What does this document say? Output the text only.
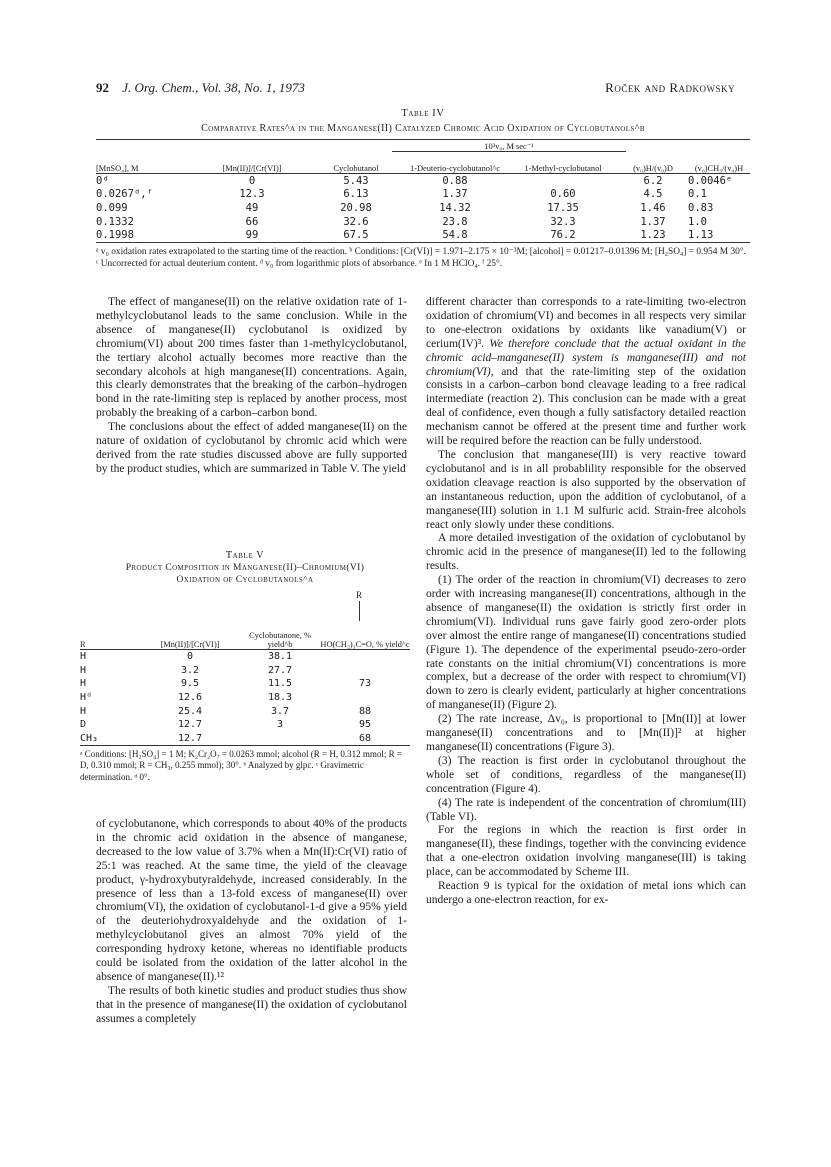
92 J. Org. Chem., Vol. 38, No. 1, 1973	Roček and Radkowsky
Table IV
Comparative Rates^a in the Manganese(II) Catalyzed Chromic Acid Oxidation of Cyclobutanols^b
10³v₀, M sec⁻¹
[MnSO₄], M	[Mn(II)]/[Cr(VI)]	Cyclobutanol	1-Deuterio-cyclobutanol^c	1-Methyl-cyclobutanol	(v₀)H/(v₀)D	(v₀)CH₃/(v₀)H
0ᵈ	0	5.43	0.88		6.2	0.0046ᵉ
0.0267ᵈ,ᶠ	12.3	6.13	1.37	0.60	4.5	0.1
0.099	49	20.98	14.32	17.35	1.46	0.83
0.1332	66	32.6	23.8	32.3	1.37	1.0
0.1998	99	67.5	54.8	76.2	1.23	1.13
ᵃ v₀ oxidation rates extrapolated to the starting time of the reaction. ᵇ Conditions: [Cr(VI)] = 1.971–2.175 × 10⁻³M; [alcohol] = 0.01217–0.01396 M; [H₂SO₄] = 0.954 M 30°. ᶜ Uncorrected for actual deuterium content. ᵈ v₀ from logarithmic plots of absorbance. ᵉ In 1 M HClO₄. ᶠ 25°.

The effect of manganese(II) on the relative oxidation rate of 1-methylcyclobutanol leads to the same conclusion. While in the absence of manganese(II) cyclobutanol is oxidized by chromium(VI) about 200 times faster than 1-methylcyclobutanol, the tertiary alcohol actually becomes more reactive than the secondary alcohols at high manganese(II) concentrations. Again, this clearly demonstrates that the breaking of the carbon–hydrogen bond in the rate-limiting step is replaced by another process, most probably the breaking of a carbon–carbon bond.

The conclusions about the effect of added manganese(II) on the nature of oxidation of cyclobutanol by chromic acid which were derived from the rate studies discussed above are fully supported by the product studies, which are summarized in Table V. The yield

Table V
Product Composition in Manganese(II)–Chromium(VI)
Oxidation of Cyclobutanols^a
R
R	[Mn(II)]/[Cr(VI)]	Cyclobutanone, % yield^b	HO(CH₂)₃C=O, % yield^c
H	0	38.1	
H	3.2	27.7	
H	9.5	11.5	73
Hᵈ	12.6	18.3	
H	25.4	3.7	88
D	12.7	3	95
CH₃	12.7		68
ᵃ Conditions: [H₂SO₄] = 1 M; K₂Cr₂O₇ = 0.0263 mmol; alcohol (R = H, 0.312 mmol; R = D, 0.310 mmol; R = CH₃, 0.255 mmol); 30°. ᵇ Analyzed by glpc. ᶜ Gravimetric determination. ᵈ 0°.

of cyclobutanone, which corresponds to about 40% of the products in the chromic acid oxidation in the absence of manganese, decreased to the low value of 3.7% when a Mn(II):Cr(VI) ratio of 25:1 was reached. At the same time, the yield of the cleavage product, γ-hydroxybutyraldehyde, increased considerably. In the presence of less than a 13-fold excess of manganese(II) over chromium(VI), the oxidation of cyclobutanol-1-d give a 95% yield of the deuteriohydroxyaldehyde and the oxidation of 1-methylcyclobutanol gives an almost 70% yield of the corresponding hydroxy ketone, whereas no identifiable products could be isolated from the oxidation of the latter alcohol in the absence of manganese(II).¹²

The results of both kinetic studies and product studies thus show that in the presence of manganese(II) the oxidation of cyclobutanol assumes a completely

different character than corresponds to a rate-limiting two-electron oxidation of chromium(VI) and becomes in all respects very similar to one-electron oxidations by oxidants like vanadium(V) or cerium(IV)³. We therefore conclude that the actual oxidant in the chromic acid–manganese(II) system is manganese(III) and not chromium(VI), and that the rate-limiting step of the oxidation consists in a carbon–carbon bond cleavage leading to a free radical intermediate (reaction 2). This conclusion can be made with a great deal of confidence, even though a fully satisfactory detailed reaction mechanism cannot be offered at the present time and further work will be required before the reaction can be fully understood.

The conclusion that manganese(III) is very reactive toward cyclobutanol and is in all probablility responsible for the observed oxidation cleavage reaction is also supported by the observation of an instantaneous reduction, upon the addition of cyclobutanol, of a manganese(III) solution in 1.1 M sulfuric acid. Strain-free alcohols react only slowly under these conditions.

A more detailed investigation of the oxidation of cyclobutanol by chromic acid in the presence of manganese(II) led to the following results.

(1) The order of the reaction in chromium(VI) decreases to zero order with increasing manganese(II) concentrations, although in the absence of manganese(II) the oxidation is strictly first order in chromium(VI). Individual runs gave fairly good zero-order plots over almost the entire range of manganese(II) concentrations studied (Figure 1). The dependence of the experimental pseudo-zero-order rate constants on the initial chromium(VI) concentrations is more complex, but a decrease of the order with respect to chromium(VI) down to zero is clearly evident, particularly at higher concentrations of manganese(II) (Figure 2).

(2) The rate increase, Δv₀, is proportional to [Mn(II)] at lower manganese(II) concentrations and to [Mn(II)]² at higher manganese(II) concentrations (Figure 3).

(3) The reaction is first order in cyclobutanol throughout the whole set of conditions, regardless of the manganese(II) concentration (Figure 4).

(4) The rate is independent of the concentration of chromium(III) (Table VI).

For the regions in which the reaction is first order in manganese(II), these findings, together with the convincing evidence that a one-electron oxidation involving manganese(III) is taking place, can be accommodated by Scheme III.

Reaction 9 is typical for the oxidation of metal ions which can undergo a one-electron reaction, for ex-
